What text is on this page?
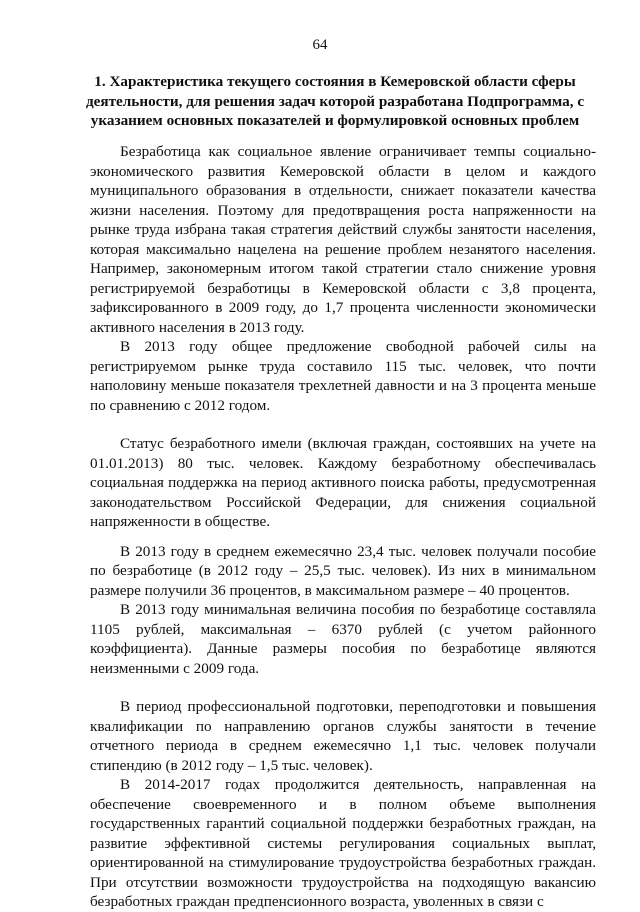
64
1. Характеристика текущего состояния в Кемеровской области сферы деятельности, для решения задач которой разработана Подпрограмма, с указанием основных показателей и формулировкой основных проблем

Безработица как социальное явление ограничивает темпы социально-экономического развития Кемеровской области в целом и каждого муниципального образования в отдельности, снижает показатели качества жизни населения. Поэтому для предотвращения роста напряженности на рынке труда избрана такая стратегия действий службы занятости населения, которая максимально нацелена на решение проблем незанятого населения. Например, закономерным итогом такой стратегии стало снижение уровня регистрируемой безработицы в Кемеровской области с 3,8 процента, зафиксированного в 2009 году, до 1,7 процента численности экономически активного населения в 2013 году.

В 2013 году общее предложение свободной рабочей силы на регистрируемом рынке труда составило 115 тыс. человек, что почти наполовину меньше показателя трехлетней давности и на 3 процента меньше по сравнению с 2012 годом.

Статус безработного имели (включая граждан, состоявших на учете на 01.01.2013) 80 тыс. человек. Каждому безработному обеспечивалась социальная поддержка на период активного поиска работы, предусмотренная законодательством Российской Федерации, для снижения социальной напряженности в обществе.

В 2013 году в среднем ежемесячно 23,4 тыс. человек получали пособие по безработице (в 2012 году – 25,5 тыс. человек). Из них в минимальном размере получили 36 процентов, в максимальном размере – 40 процентов.

В 2013 году минимальная величина пособия по безработице составляла 1105 рублей, максимальная – 6370 рублей (с учетом районного коэффициента). Данные размеры пособия по безработице являются неизменными с 2009 года.

В период профессиональной подготовки, переподготовки и повышения квалификации по направлению органов службы занятости в течение отчетного периода в среднем ежемесячно 1,1 тыс. человек получали стипендию (в 2012 году – 1,5 тыс. человек).

В 2014-2017 годах продолжится деятельность, направленная на обеспечение своевременного и в полном объеме выполнения государственных гарантий социальной поддержки безработных граждан, на развитие эффективной системы регулирования социальных выплат, ориентированной на стимулирование трудоустройства безработных граждан. При отсутствии возможности трудоустройства на подходящую вакансию безработных граждан предпенсионного возраста, уволенных в связи с
